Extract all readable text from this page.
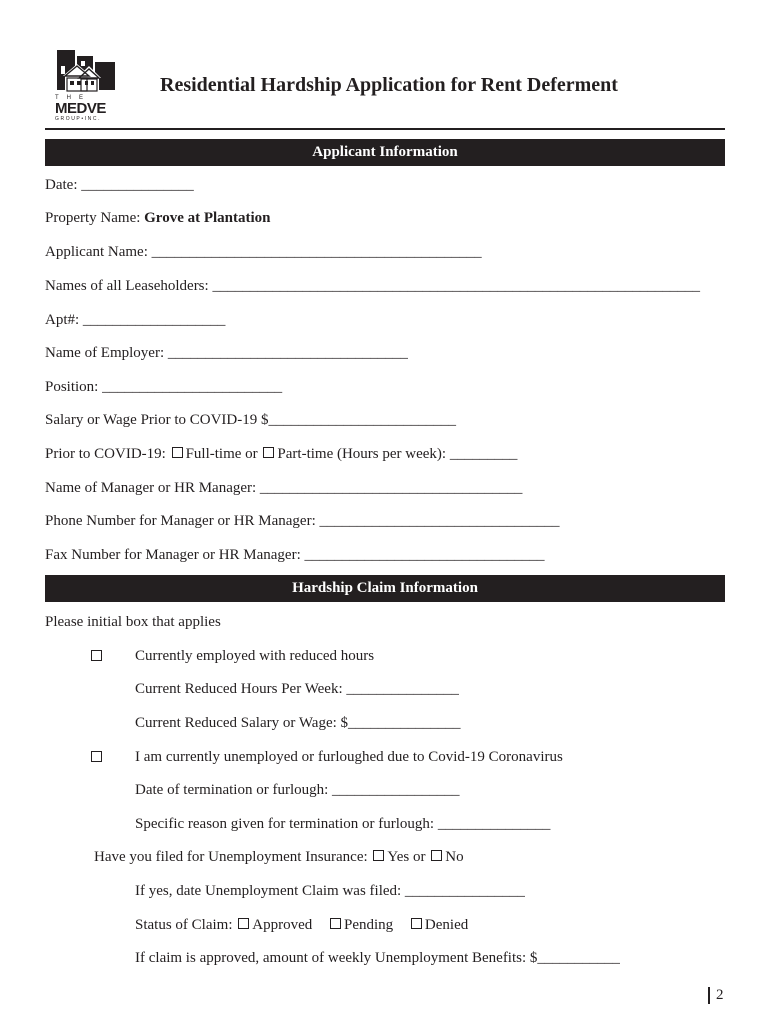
THE
MEDVE
GROUP•INC.
Residential Hardship Application for Rent Deferment
Applicant Information
Date: _______________
Property Name: Grove at Plantation
Applicant Name: ____________________________________________
Names of all Leaseholders: _________________________________________________________________
Apt#: ___________________
Name of Employer: ________________________________
Position: ________________________
Salary or Wage Prior to COVID-19 $_________________________
Prior to COVID-19: Full-time or Part-time (Hours per week): _________
Name of Manager or HR Manager: ___________________________________
Phone Number for Manager or HR Manager: ________________________________
Fax Number for Manager or HR Manager: ________________________________
Hardship Claim Information
Please initial box that applies
Currently employed with reduced hours
Current Reduced Hours Per Week: _______________
Current Reduced Salary or Wage: $_______________
I am currently unemployed or furloughed due to Covid-19 Coronavirus
Date of termination or furlough: _________________
Specific reason given for termination or furlough: _______________
Have you filed for Unemployment Insurance: Yes or No
If yes, date Unemployment Claim was filed: ________________
Status of Claim: Approved Pending Denied
If claim is approved, amount of weekly Unemployment Benefits: $___________
2
